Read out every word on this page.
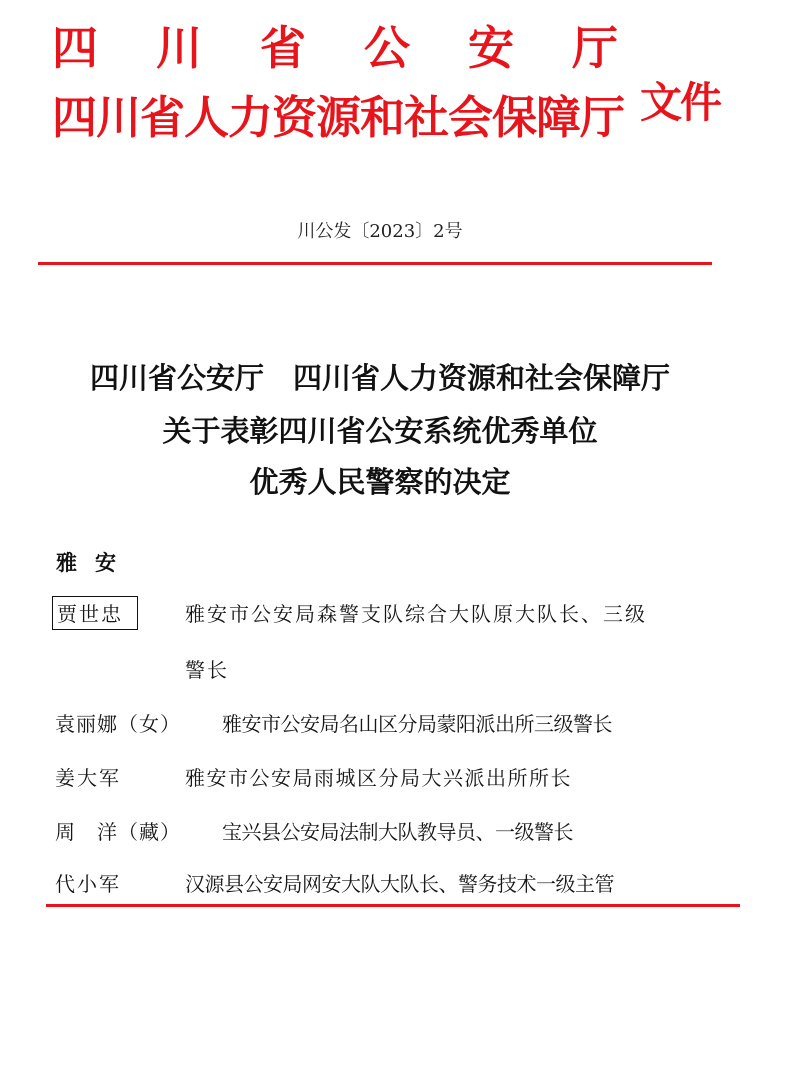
四川省公安厅
四川省人力资源和社会保障厅 文件
川公发〔2023〕2号
四川省公安厅　四川省人力资源和社会保障厅
关于表彰四川省公安系统优秀单位
优秀人民警察的决定
雅安
贾世忠	雅安市公安局森警支队综合大队原大队长、三级
警长
袁丽娜（女） 雅安市公安局名山区分局蒙阳派出所三级警长
姜大军	雅安市公安局雨城区分局大兴派出所所长
周　洋（藏） 宝兴县公安局法制大队教导员、一级警长
代小军	汉源县公安局网安大队大队长、警务技术一级主管
